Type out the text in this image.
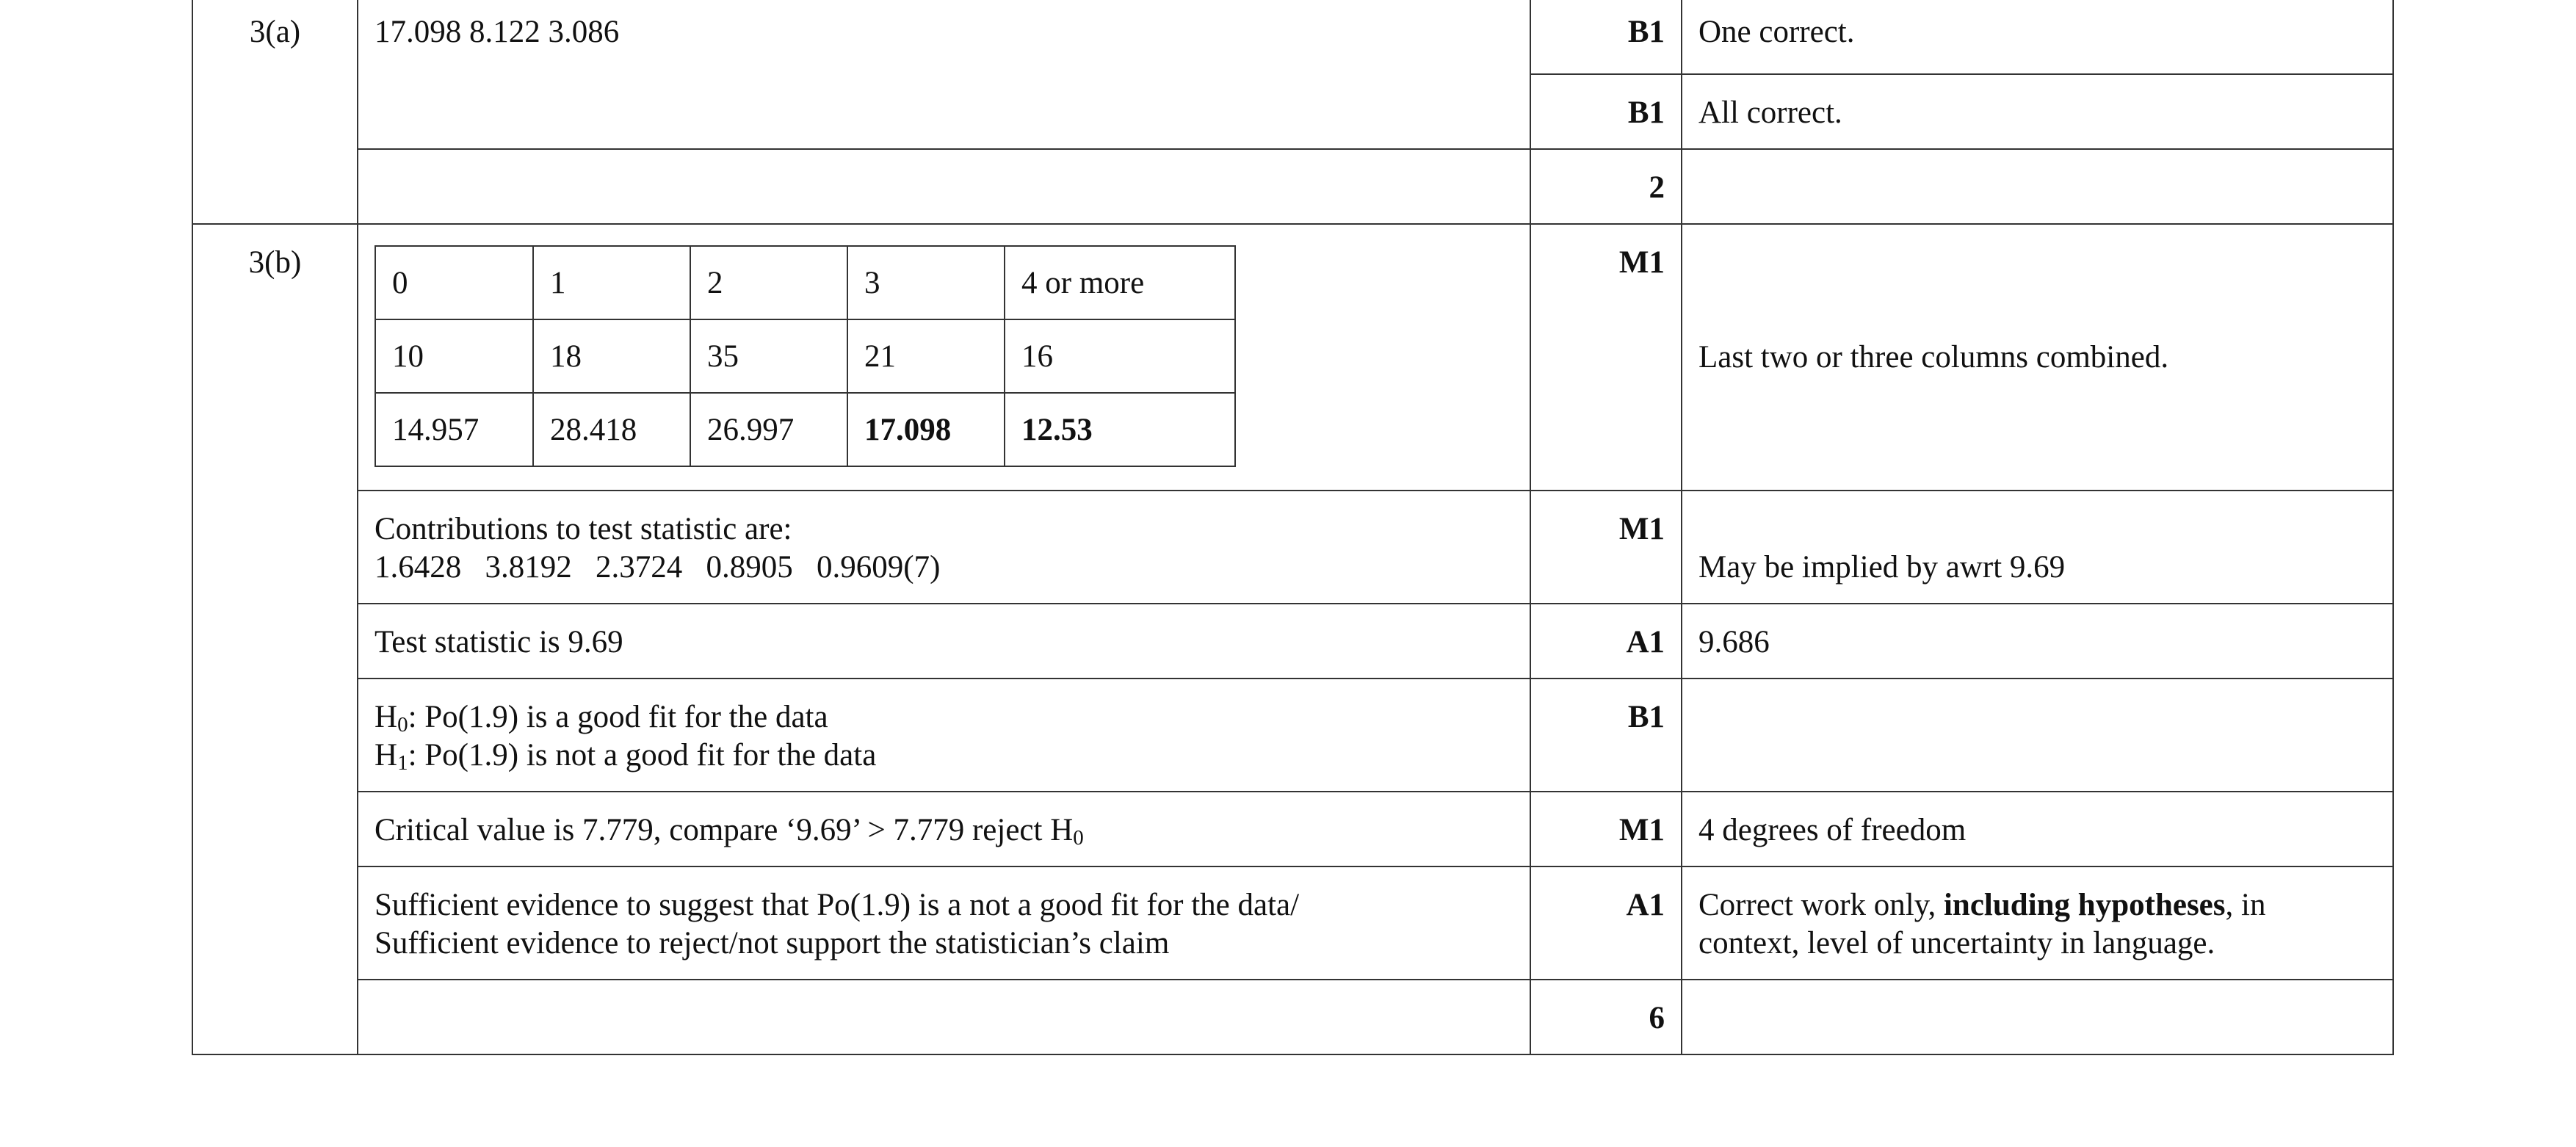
3(a)	17.098 8.122 3.086	B1	One correct.

B1	All correct.
	2	

3(b)

0	1	2	3	4 or more
10	18	35	21	16
14.957	28.418	26.997	17.098	12.53
	M1	Last two or three columns combined.

Contributions to test statistic are:
1.6428   3.8192   2.3724   0.8905   0.9609(7)
	M1	May be implied by awrt 9.69
Test statistic is 9.69	A1	9.686

$H_0$: Po(1.9) is a good fit for the data
$H_1$: Po(1.9) is not a good fit for the data
	B1	
Critical value is 7.779, compare ‘9.69’ > 7.779 reject $H_0$	M1	4 degrees of freedom

Sufficient evidence to suggest that Po(1.9) is a not a good fit for the data/
Sufficient evidence to reject/not support the statistician’s claim
	A1	Correct work only, including hypotheses, in
context, level of uncertainty in language.

	6	
